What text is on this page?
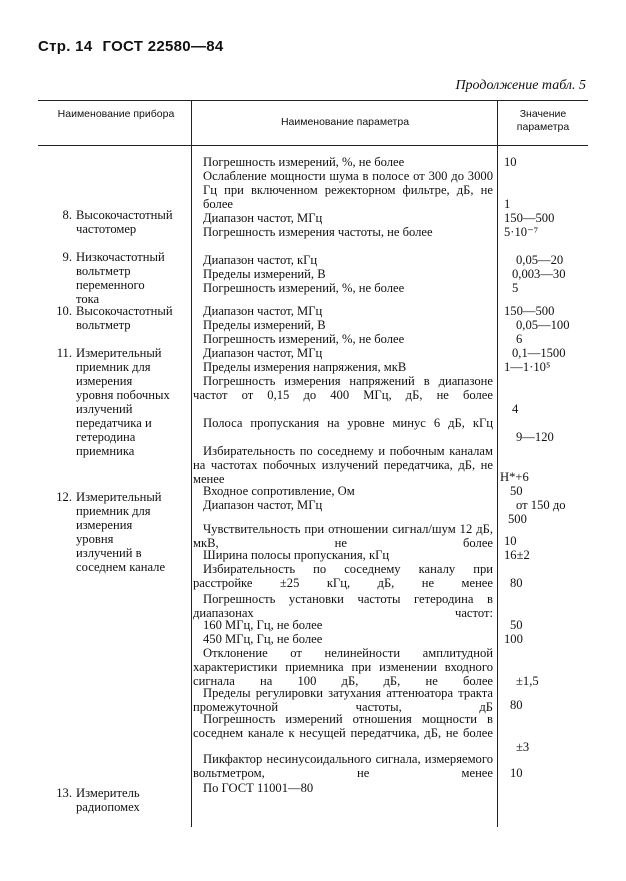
Стр. 14 ГОСТ 22580—84
Продолжение табл. 5
Наименование прибора
Наименование параметра
Значение параметра
8. Высокочастотный частотомер
9. Низкочастотный вольтметр переменного тока
10. Высокочастотный вольтметр
11. Измерительный приемник для измерения уровня побочных излучений передатчика и гетеродина приемника
12. Измерительный приемник для измерения уровня излучений в соседнем канале
13. Измеритель радиопомех
Погрешность измерений, %, не более
Ослабление мощности шума в полосе от 300 до 3000 Гц при включенном режекторном фильтре, дБ, не более
Диапазон частот, МГц
Погрешность измерения частоты, не более
Диапазон частот, кГц
Пределы измерений, В
Погрешность измерений, %, не более
Диапазон частот, МГц
Пределы измерений, В
Погрешность измерений, %, не более
Диапазон частот, МГц
Пределы измерения напряжения, мкВ
Погрешность измерения напряжений в диапазоне частот от 0,15 до 400 МГц, дБ, не более
Полоса пропускания на уровне минус 6 дБ, кГц
Избирательность по соседнему и побочным каналам на частотах побочных излучений передатчика, дБ, не менее
Входное сопротивление, Ом
Диапазон частот, МГц
Чувствительность при отношении сигнал/шум 12 дБ, мкВ, не более
Ширина полосы пропускания, кГц
Избирательность по соседнему каналу при расстройке ±25 кГц, дБ, не менее
Погрешность установки частоты гетеродина в диапазонах частот:
160 МГц, Гц, не более
450 МГц, Гц, не более
Отклонение от нелинейности амплитудной характеристики приемника при изменении входного сигнала на 100 дБ, дБ, не более
Пределы регулировки затухания аттенюатора тракта промежуточной частоты, дБ
Погрешность измерений отношения мощности в соседнем канале к несущей передатчика, дБ, не более
Пикфактор несинусоидального сигнала, измеряемого вольтметром, не менее
По ГОСТ 11001—80
10
1
150—500
5·10⁻⁷
0,05—20
0,003—30
5
150—500
0,05—100
6
0,1—1500
1—1·10⁵
4
9—120
Н*+6
50
от 150 до 500
10
16±2
80
50
100
±1,5
80
±3
10
